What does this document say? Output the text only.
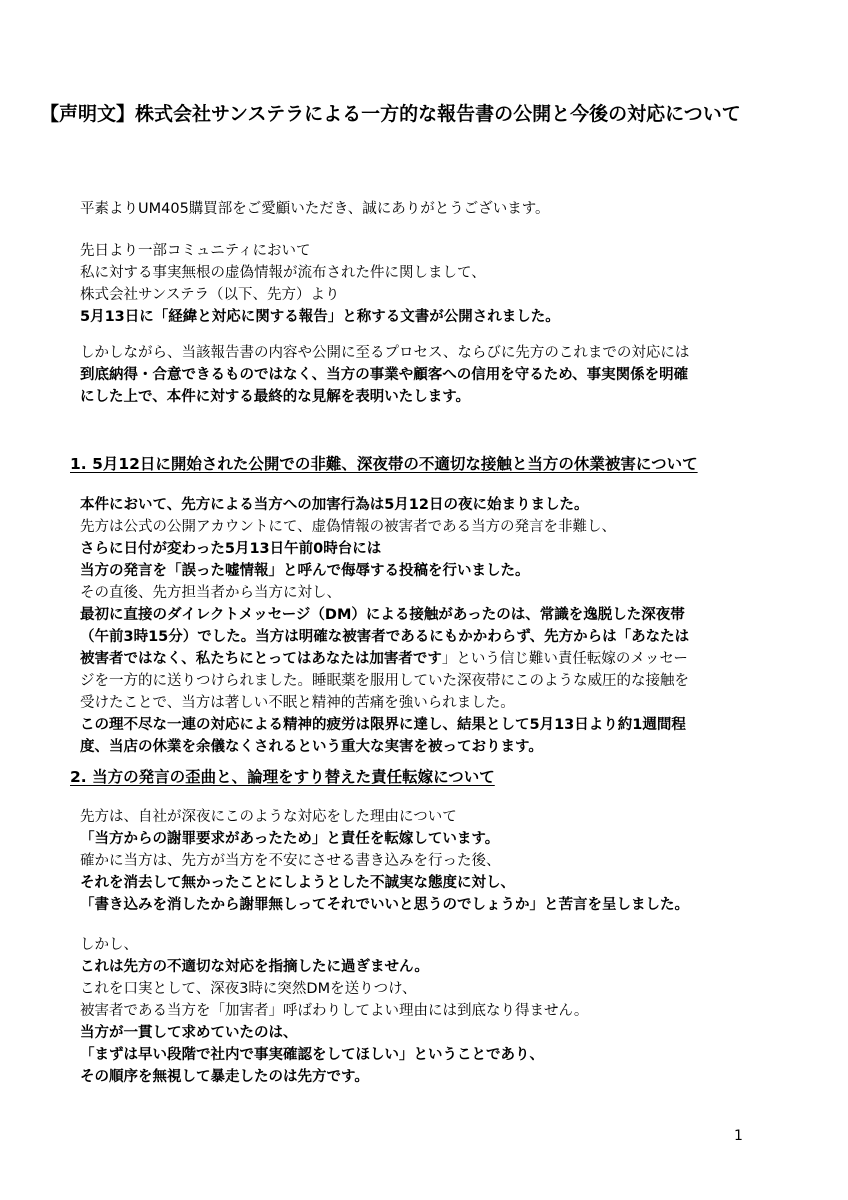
【声明文】株式会社サンステラによる一方的な報告書の公開と今後の対応について
平素よりUM405購買部をご愛顧いただき、誠にありがとうございます。
先日より一部コミュニティにおいて
私に対する事実無根の虚偽情報が流布された件に関しまして、
株式会社サンステラ（以下、先方）より
5月13日に「経緯と対応に関する報告」と称する文書が公開されました。
しかしながら、当該報告書の内容や公開に至るプロセス、ならびに先方のこれまでの対応には
到底納得・合意できるものではなく、当方の事業や顧客への信用を守るため、事実関係を明確
にした上で、本件に対する最終的な見解を表明いたします。
1. 5月12日に開始された公開での非難、深夜帯の不適切な接触と当方の休業被害について
本件において、先方による当方への加害行為は5月12日の夜に始まりました。
先方は公式の公開アカウントにて、虚偽情報の被害者である当方の発言を非難し、
さらに日付が変わった5月13日午前0時台には
当方の発言を「誤った嘘情報」と呼んで侮辱する投稿を行いました。
その直後、先方担当者から当方に対し、
最初に直接のダイレクトメッセージ（DM）による接触があったのは、常識を逸脱した深夜帯
（午前3時15分）でした。当方は明確な被害者であるにもかかわらず、先方からは「あなたは
被害者ではなく、私たちにとってはあなたは加害者です」という信じ難い責任転嫁のメッセー
ジを一方的に送りつけられました。睡眠薬を服用していた深夜帯にこのような威圧的な接触を
受けたことで、当方は著しい不眠と精神的苦痛を強いられました。
この理不尽な一連の対応による精神的疲労は限界に達し、結果として5月13日より約1週間程
度、当店の休業を余儀なくされるという重大な実害を被っております。
2. 当方の発言の歪曲と、論理をすり替えた責任転嫁について
先方は、自社が深夜にこのような対応をした理由について
「当方からの謝罪要求があったため」と責任を転嫁しています。
確かに当方は、先方が当方を不安にさせる書き込みを行った後、
それを消去して無かったことにしようとした不誠実な態度に対し、
「書き込みを消したから謝罪無しってそれでいいと思うのでしょうか」と苦言を呈しました。
しかし、
これは先方の不適切な対応を指摘したに過ぎません。
これを口実として、深夜3時に突然DMを送りつけ、
被害者である当方を「加害者」呼ばわりしてよい理由には到底なり得ません。
当方が一貫して求めていたのは、
「まずは早い段階で社内で事実確認をしてほしい」ということであり、
その順序を無視して暴走したのは先方です。
1
